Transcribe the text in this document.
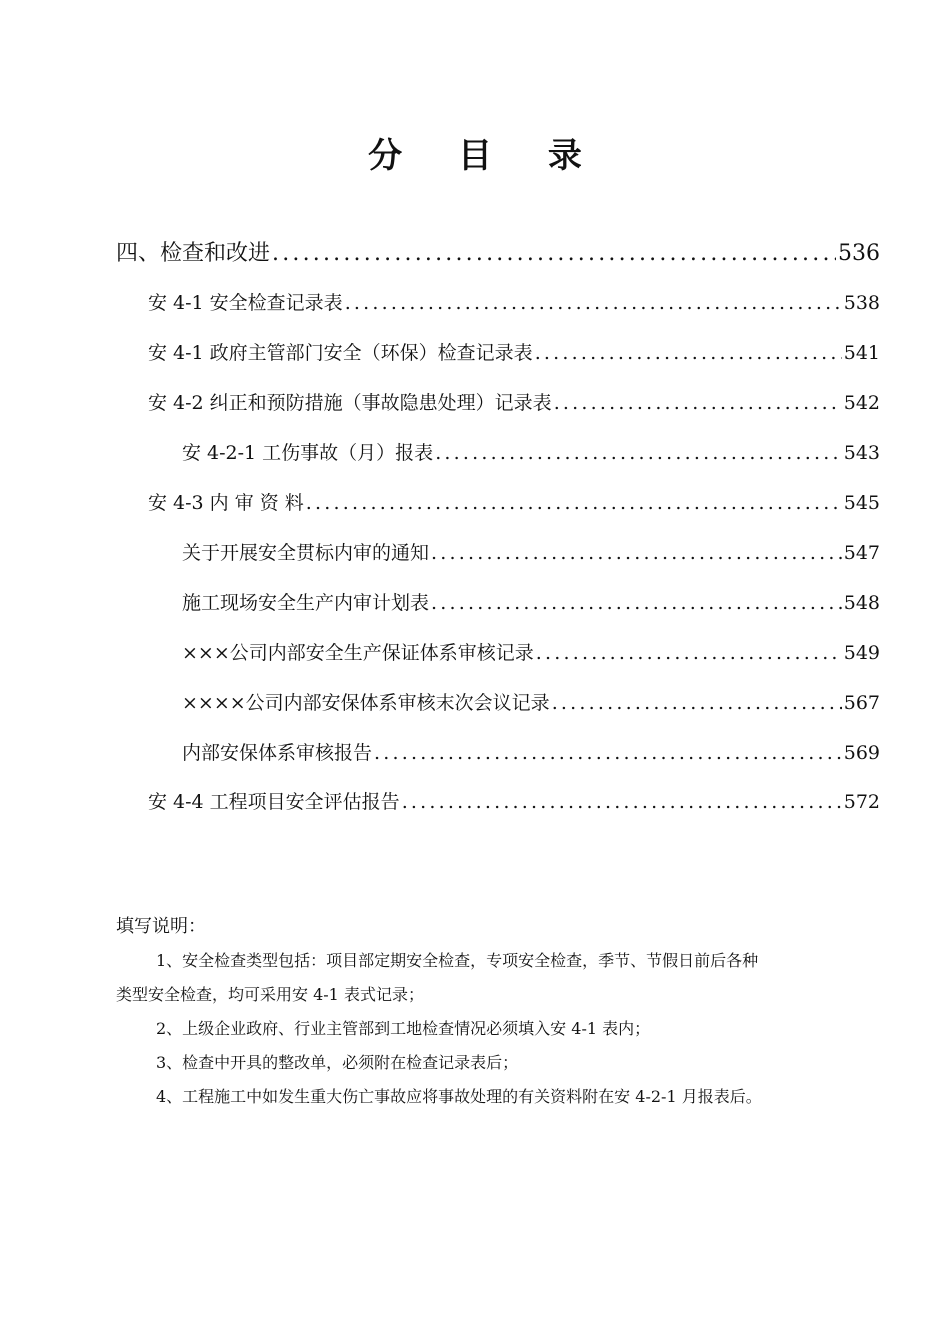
分 目 录
四、检查和改进 .....	536
安 4-1 安全检查记录表 .....	538
安 4-1 政府主管部门安全（环保）检查记录表 .....	541
安 4-2 纠正和预防措施（事故隐患处理）记录表 .....	542
安 4-2-1 工伤事故（月）报表 .....	543
安 4-3 内 审 资 料 .....	545
关于开展安全贯标内审的通知 .....	547
施工现场安全生产内审计划表 .....	548
×××公司内部安全生产保证体系审核记录 .....	549
××××公司内部安保体系审核末次会议记录 .....	567
内部安保体系审核报告 .....	569
安 4-4 工程项目安全评估报告 .....	572
填写说明：
1、安全检查类型包括：项目部定期安全检查，专项安全检查，季节、节假日前后各种
类型安全检查，均可采用安 4-1 表式记录；
2、上级企业政府、行业主管部到工地检查情况必须填入安 4-1 表内；
3、检查中开具的整改单，必须附在检查记录表后；
4、工程施工中如发生重大伤亡事故应将事故处理的有关资料附在安 4-2-1 月报表后。
